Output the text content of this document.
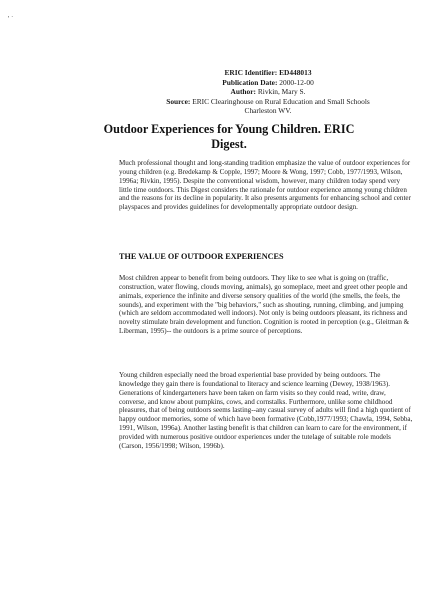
' ˙
ERIC Identifier: ED448013
Publication Date: 2000-12-00
Author: Rivkin, Mary S.
Source: ERIC Clearinghouse on Rural Education and Small Schools
Charleston WV.
Outdoor Experiences for Young Children. ERIC Digest.

Much professional thought and long-standing tradition emphasize the value of outdoor experiences for young children (e.g. Bredekamp & Copple, 1997; Moore & Wong, 1997; Cobb, 1977/1993, Wilson, 1996a; Rivkin, 1995). Despite the conventional wisdom, however, many children today spend very little time outdoors. This Digest considers the rationale for outdoor experience among young children and the reasons for its decline in popularity. It also presents arguments for enhancing school and center playspaces and provides guidelines for developmentally appropriate outdoor design.

THE VALUE OF OUTDOOR EXPERIENCES

Most children appear to benefit from being outdoors. They like to see what is going on (traffic, construction, water flowing, clouds moving, animals), go someplace, meet and greet other people and animals, experience the infinite and diverse sensory qualities of the world (the smells, the feels, the sounds), and experiment with the "big behaviors," such as shouting, running, climbing, and jumping (which are seldom accommodated well indoors). Not only is being outdoors pleasant, its richness and novelty stimulate brain development and function. Cognition is rooted in perception (e.g., Gleitman & Liberman, 1995)-- the outdoors is a prime source of perceptions.

Young children especially need the broad experiential base provided by being outdoors. The knowledge they gain there is foundational to literacy and science learning (Dewey, 1938/1963). Generations of kindergarteners have been taken on farm visits so they could read, write, draw, converse, and know about pumpkins, cows, and cornstalks. Furthermore, unlike some childhood pleasures, that of being outdoors seems lasting--any casual survey of adults will find a high quotient of happy outdoor memories, some of which have been formative (Cobb,1977/1993; Chawla, 1994, Sebba, 1991, Wilson, 1996a). Another lasting benefit is that children can learn to care for the environment, if provided with numerous positive outdoor experiences under the tutelage of suitable role models (Carson, 1956/1998; Wilson, 1996b).
